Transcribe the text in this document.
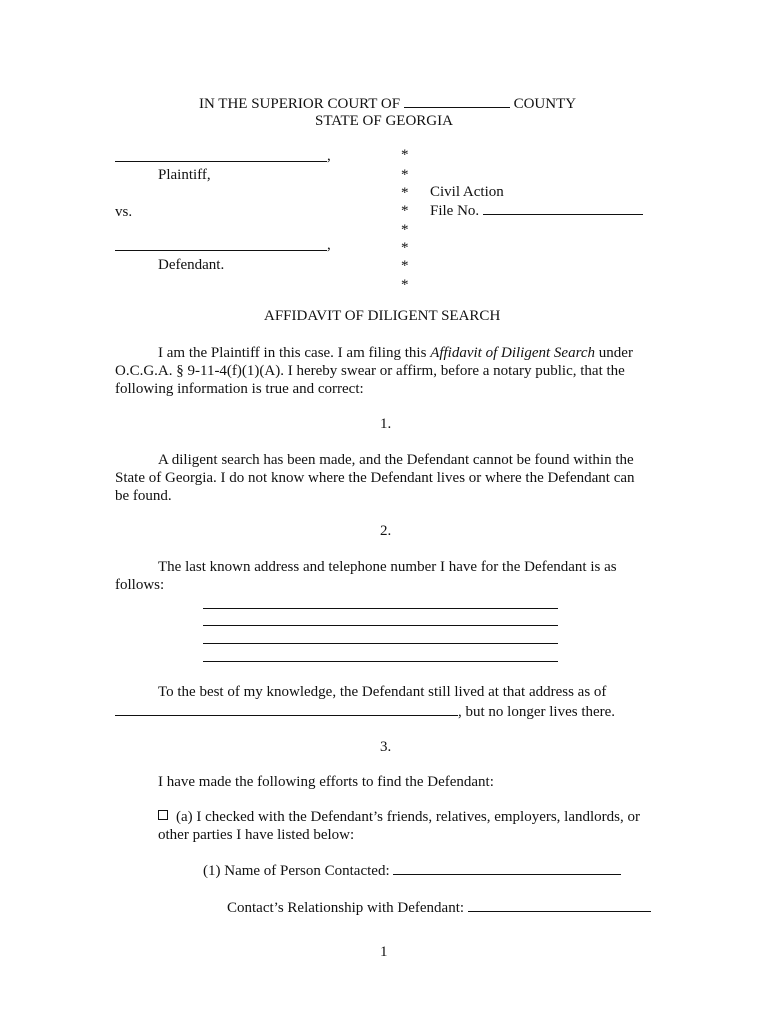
IN THE SUPERIOR COURT OF	COUNTY
STATE OF GEORGIA
,
Plaintiff,
vs.
,
Defendant.
*
*
*
*
*
*
*
*
Civil Action
File No.
AFFIDAVIT OF DILIGENT SEARCH
I am the Plaintiff in this case. I am filing this Affidavit of Diligent Search under
O.C.G.A. § 9-11-4(f)(1)(A). I hereby swear or affirm, before a notary public, that the
following information is true and correct:
1.
A diligent search has been made, and the Defendant cannot be found within the
State of Georgia. I do not know where the Defendant lives or where the Defendant can
be found.
2.
The last known address and telephone number I have for the Defendant is as
follows:
To the best of my knowledge, the Defendant still lived at that address as of
, but no longer lives there.
3.
I have made the following efforts to find the Defendant:
(a) I checked with the Defendant’s friends, relatives, employers, landlords, or
other parties I have listed below:
(1) Name of Person Contacted:
Contact’s Relationship with Defendant:
1
